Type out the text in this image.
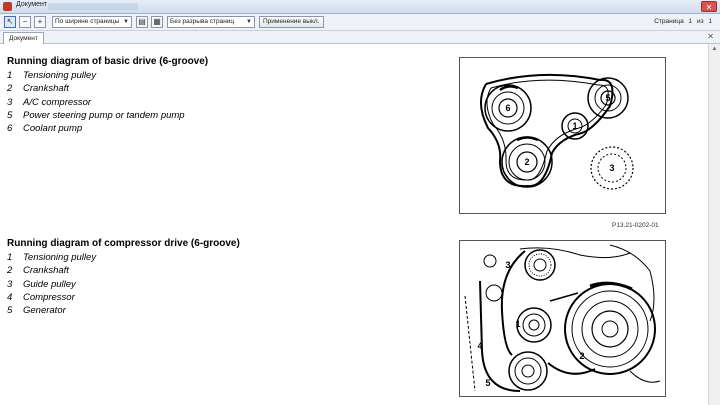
Документ	✕
↖	−	+	По ширине страницы ▼ ▤ ▦	Без разрыва страниц ▼	Применение выкл.	Страница 1 из 1
Документ	✕
Running diagram of basic drive (6-groove)
1 Tensioning pulley
2 Crankshaft
3 A/C compressor
5 Power steering pump or tandem pump
6 Coolant pump
6
5
1
2
3
P13.21-0202-01
Running diagram of compressor drive (6-groove)
1 Tensioning pulley
2 Crankshaft
3 Guide pulley
4 Compressor
5 Generator
3
1
2
4
5
▲
